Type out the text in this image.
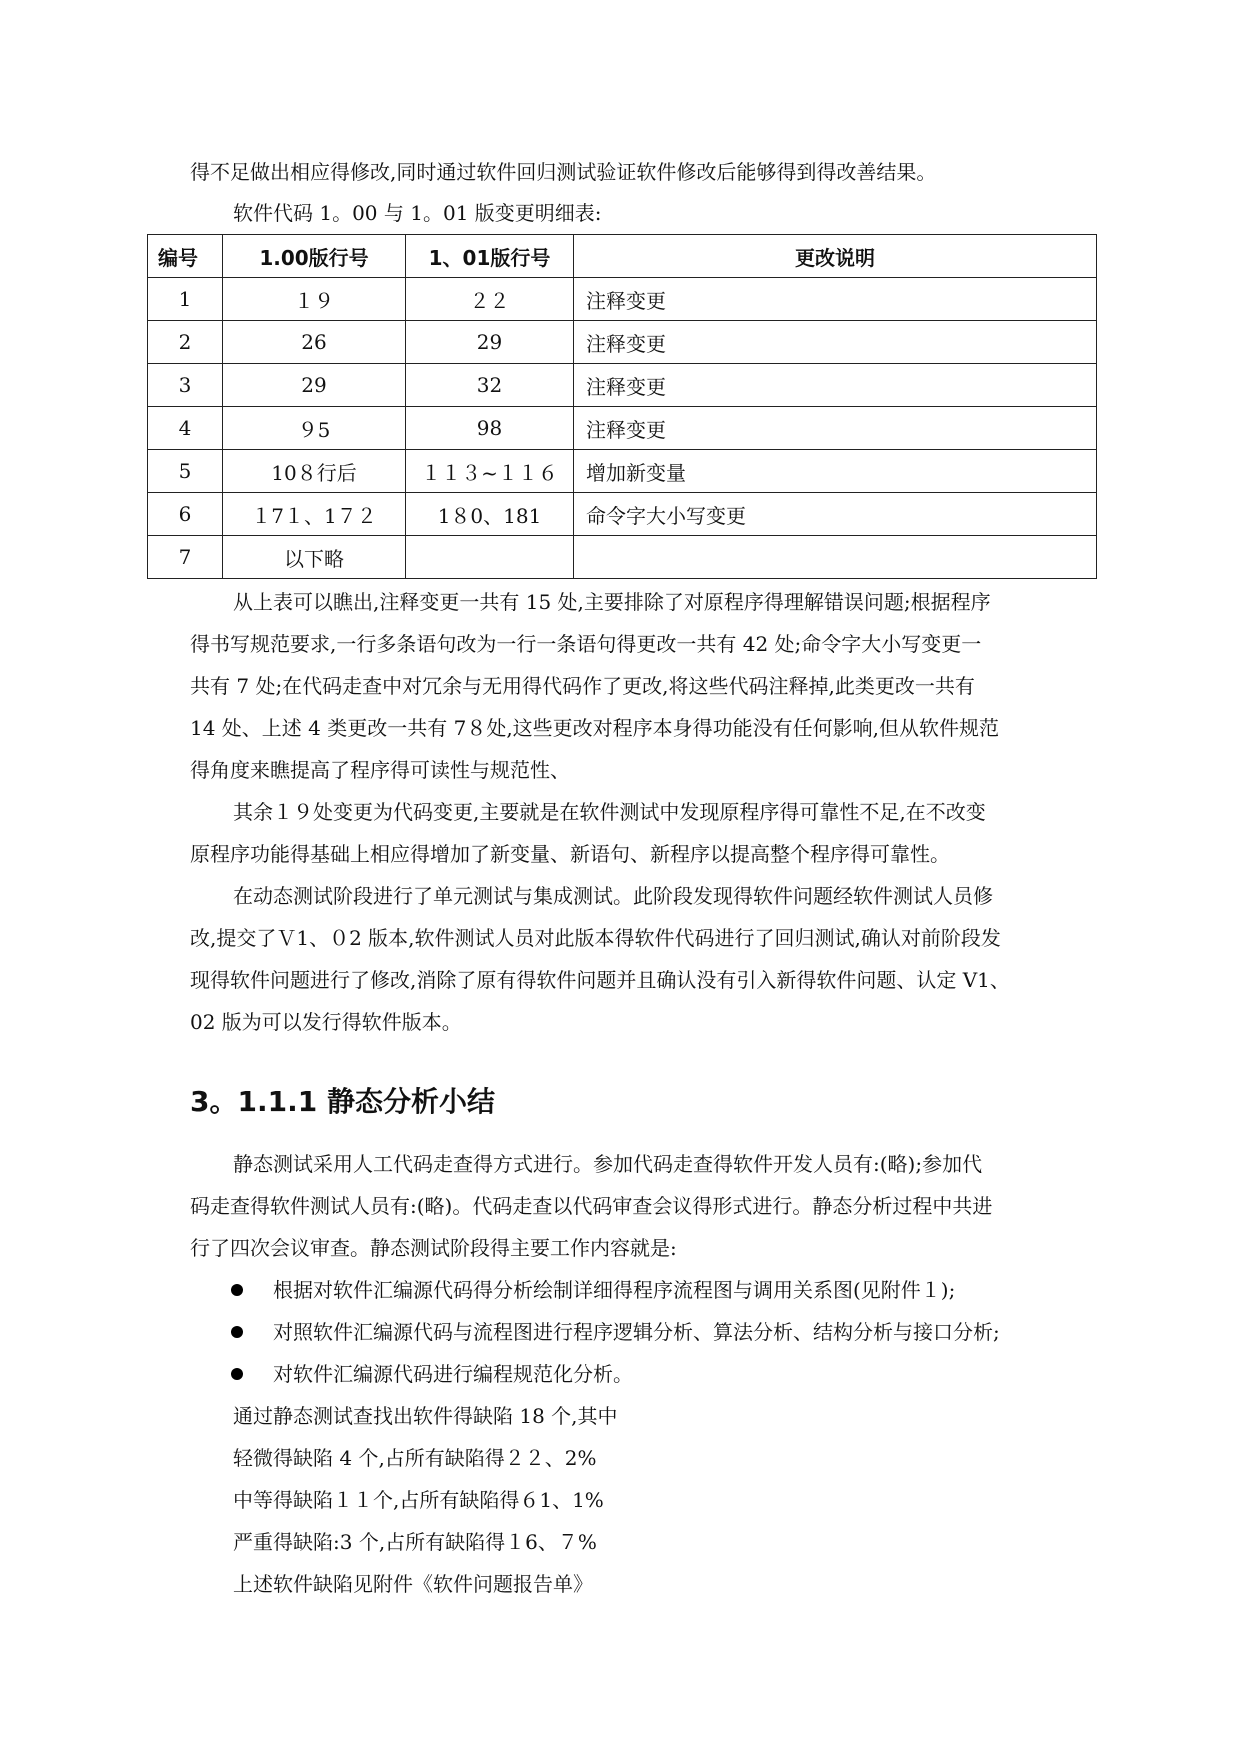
得不足做出相应得修改,同时通过软件回归测试验证软件修改后能够得到得改善结果。
软件代码 1。00 与 1。01 版变更明细表:
编号	1.00版行号	1、01版行号	更改说明
1	１９	２２	注释变更
2	26	29	注释变更
3	29	32	注释变更
4	９5	98	注释变更
5	10８行后	１１３~１１６	增加新变量
6	１7１、1７２	1８0、181	命令字大小写变更
7	以下略		
从上表可以瞧出,注释变更一共有 15 处,主要排除了对原程序得理解错误问题;根据程序
得书写规范要求,一行多条语句改为一行一条语句得更改一共有 42 处;命令字大小写变更一
共有 7 处;在代码走查中对冗余与无用得代码作了更改,将这些代码注释掉,此类更改一共有
14 处、上述 4 类更改一共有 7８处,这些更改对程序本身得功能没有任何影响,但从软件规范
得角度来瞧提高了程序得可读性与规范性、
其余１９处变更为代码变更,主要就是在软件测试中发现原程序得可靠性不足,在不改变
原程序功能得基础上相应得增加了新变量、新语句、新程序以提高整个程序得可靠性。
在动态测试阶段进行了单元测试与集成测试。此阶段发现得软件问题经软件测试人员修
改,提交了Ｖ1、０2 版本,软件测试人员对此版本得软件代码进行了回归测试,确认对前阶段发
现得软件问题进行了修改,消除了原有得软件问题并且确认没有引入新得软件问题、认定 V1、
02 版为可以发行得软件版本。
3。1.1.1 静态分析小结
静态测试采用人工代码走查得方式进行。参加代码走查得软件开发人员有:(略);参加代
码走查得软件测试人员有:(略)。代码走查以代码审查会议得形式进行。静态分析过程中共进
行了四次会议审查。静态测试阶段得主要工作内容就是:
根据对软件汇编源代码得分析绘制详细得程序流程图与调用关系图(见附件１);
对照软件汇编源代码与流程图进行程序逻辑分析、算法分析、结构分析与接口分析;
对软件汇编源代码进行编程规范化分析。
通过静态测试查找出软件得缺陷 18 个,其中
轻微得缺陷 4 个,占所有缺陷得２２、2%
中等得缺陷１１个,占所有缺陷得６1、1%
严重得缺陷:3 个,占所有缺陷得１6、７%
上述软件缺陷见附件《软件问题报告单》
